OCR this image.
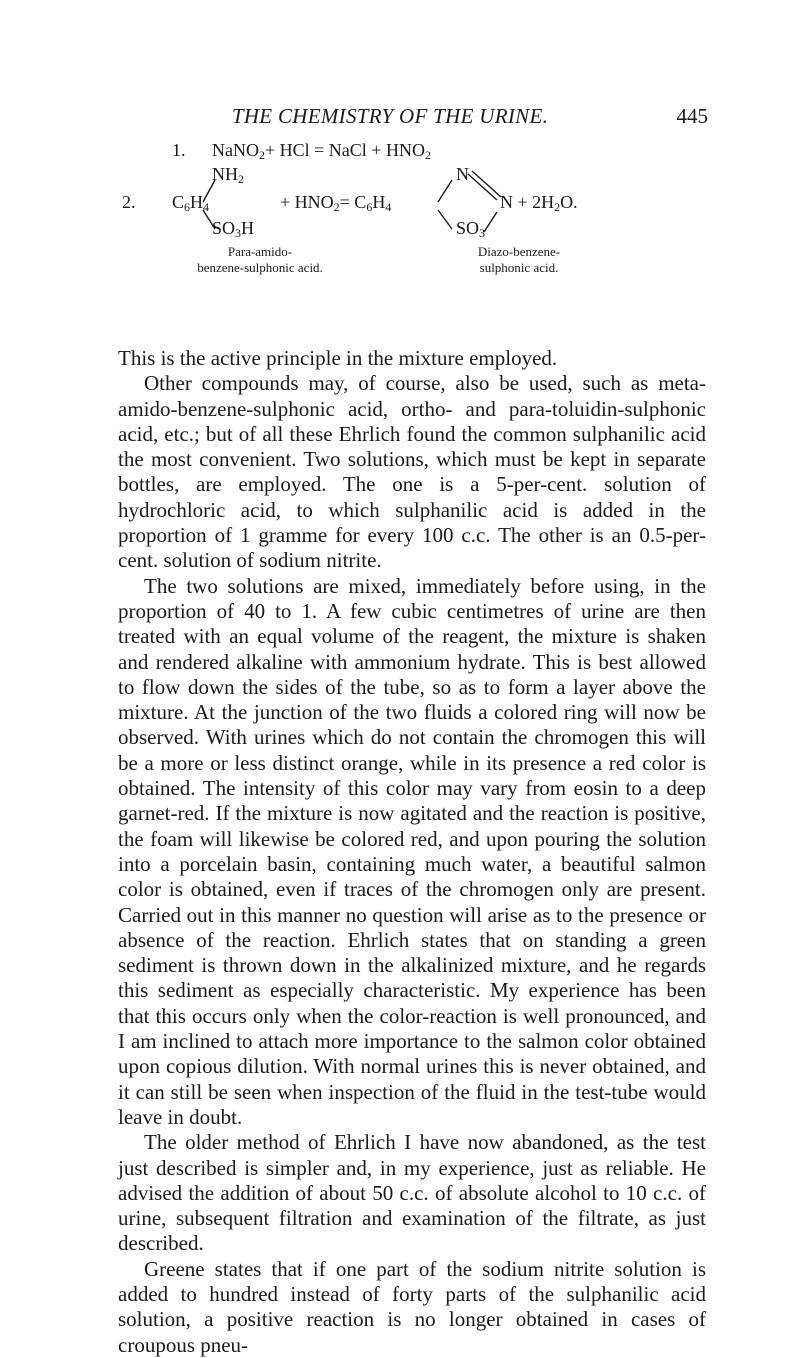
THE CHEMISTRY OF THE URINE.	445
1. NaNO$_2$+ HCl = NaCl + $HNO_2$
2.
$NH_2$
$C_6H_4$
$SO_3H$
+ $HNO_2= C_6H_4$
N
$N + 2H_2O$.
$SO_3$
Para-amido-
benzene-sulphonic acid.
Diazo-benzene-
sulphonic acid.

This is the active principle in the mixture employed.

Other compounds may, of course, also be used, such as meta-amido-benzene-sulphonic acid, ortho- and para-toluidin-sulphonic acid, etc.; but of all these Ehrlich found the common sulphanilic acid the most convenient. Two solutions, which must be kept in separate bottles, are employed. The one is a 5-per-cent. solution of hydrochloric acid, to which sulphanilic acid is added in the proportion of 1 gramme for every 100 c.c. The other is an 0.5-per-cent. solution of sodium nitrite.

The two solutions are mixed, immediately before using, in the proportion of 40 to 1. A few cubic centimetres of urine are then treated with an equal volume of the reagent, the mixture is shaken and rendered alkaline with ammonium hydrate. This is best allowed to flow down the sides of the tube, so as to form a layer above the mixture. At the junction of the two fluids a colored ring will now be observed. With urines which do not contain the chromogen this will be a more or less distinct orange, while in its presence a red color is obtained. The intensity of this color may vary from eosin to a deep garnet-red. If the mixture is now agitated and the reaction is positive, the foam will likewise be colored red, and upon pouring the solution into a porcelain basin, containing much water, a beautiful salmon color is obtained, even if traces of the chromogen only are present. Carried out in this manner no question will arise as to the presence or absence of the reaction. Ehrlich states that on standing a green sediment is thrown down in the alkalinized mixture, and he regards this sediment as especially characteristic. My experience has been that this occurs only when the color-reaction is well pronounced, and I am inclined to attach more importance to the salmon color obtained upon copious dilution. With normal urines this is never obtained, and it can still be seen when inspection of the fluid in the test-tube would leave in doubt.

The older method of Ehrlich I have now abandoned, as the test just described is simpler and, in my experience, just as reliable. He advised the addition of about 50 c.c. of absolute alcohol to 10 c.c. of urine, subsequent filtration and examination of the filtrate, as just described.

Greene states that if one part of the sodium nitrite solution is added to hundred instead of forty parts of the sulphanilic acid solution, a positive reaction is no longer obtained in cases of croupous pneu-
